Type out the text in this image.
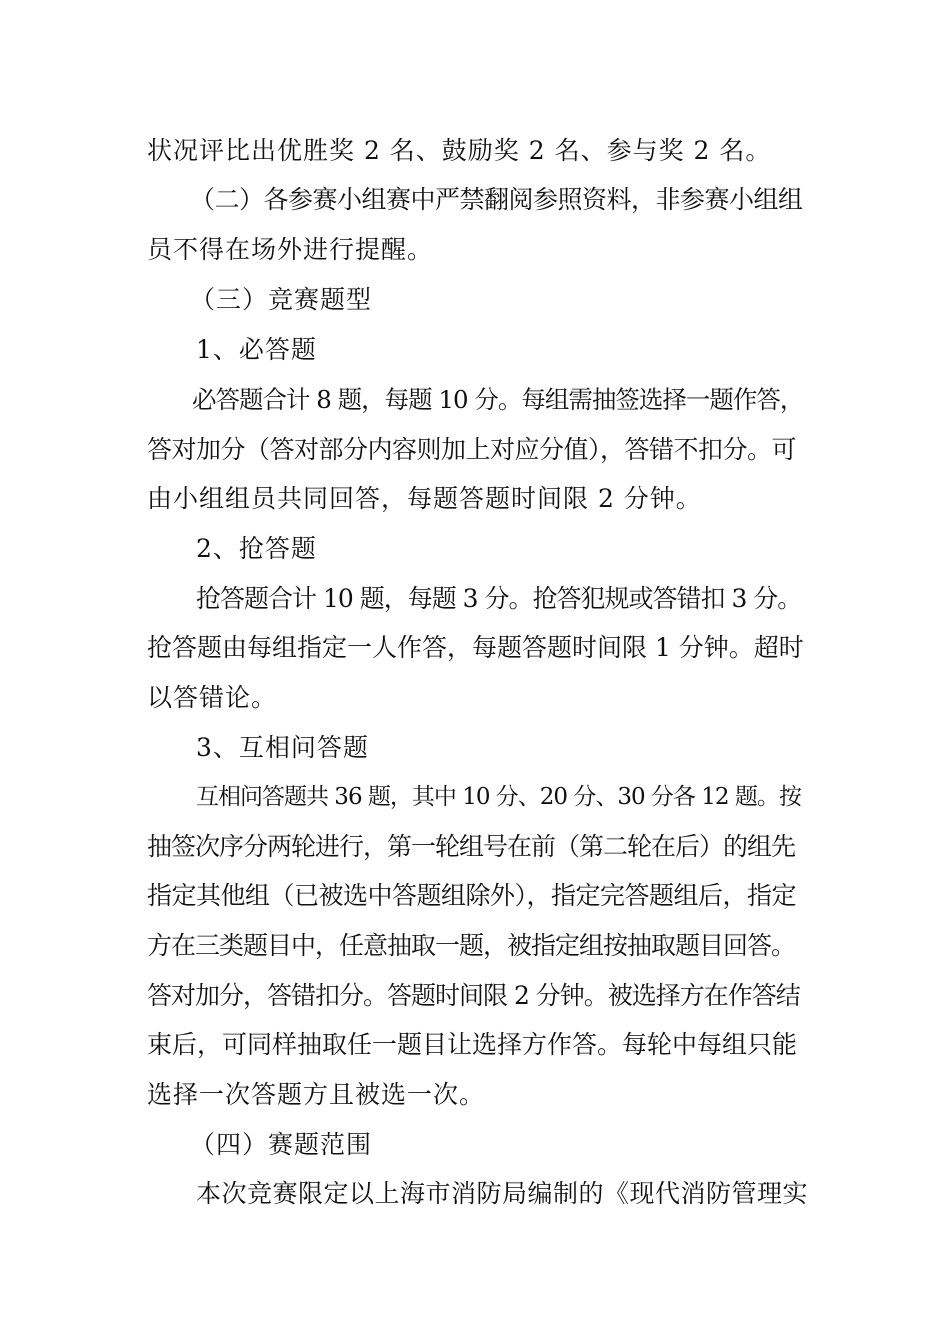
状况评比出优胜奖 2 名、鼓励奖 2 名、参与奖 2 名。
（二）各参赛小组赛中严禁翻阅参照资料，非参赛小组组
员不得在场外进行提醒。
（三）竞赛题型
1、必答题
必答题合计 8 题，每题 10 分。每组需抽签选择一题作答，
答对加分（答对部分内容则加上对应分值），答错不扣分。可
由小组组员共同回答，每题答题时间限 2 分钟。
2、抢答题
抢答题合计 10 题，每题 3 分。抢答犯规或答错扣 3 分。
抢答题由每组指定一人作答，每题答题时间限 1 分钟。超时
以答错论。
3、互相问答题
互相问答题共 36 题，其中 10 分、20 分、30 分各 12 题。按
抽签次序分两轮进行，第一轮组号在前（第二轮在后）的组先
指定其他组（已被选中答题组除外），指定完答题组后，指定
方在三类题目中，任意抽取一题，被指定组按抽取题目回答。
答对加分，答错扣分。答题时间限 2 分钟。被选择方在作答结
束后，可同样抽取任一题目让选择方作答。每轮中每组只能
选择一次答题方且被选一次。
（四）赛题范围
本次竞赛限定以上海市消防局编制的《现代消防管理实
